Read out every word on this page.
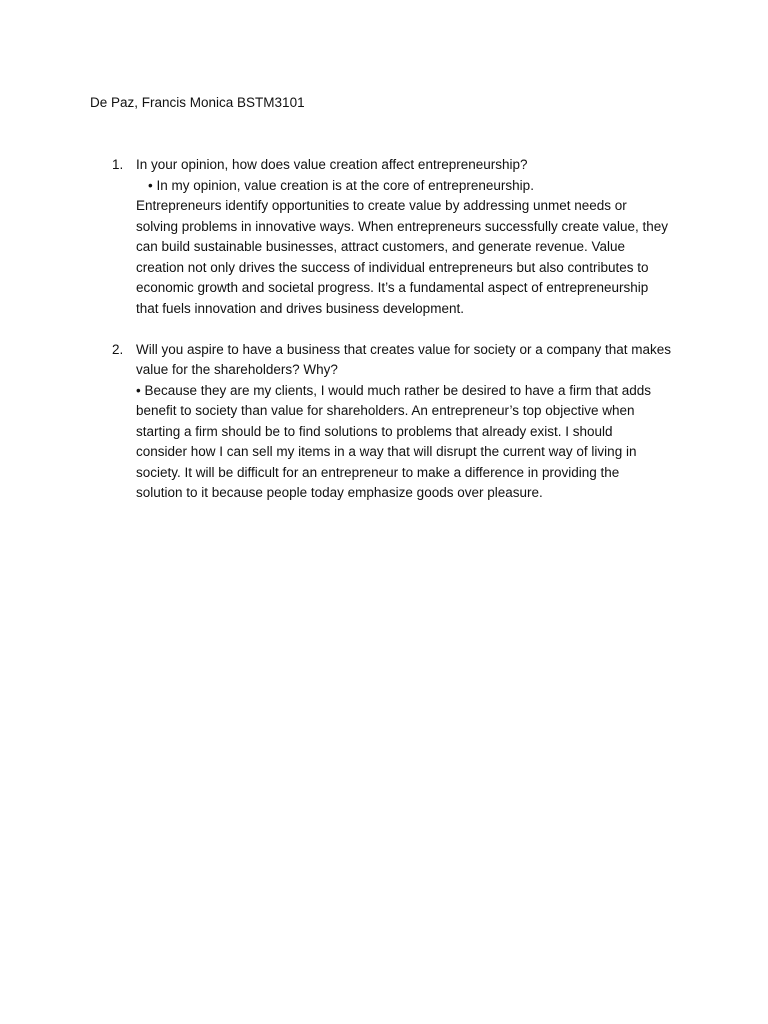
De Paz, Francis Monica BSTM3101
1. In your opinion, how does value creation affect entrepreneurship?
• In my opinion, value creation is at the core of entrepreneurship.
Entrepreneurs identify opportunities to create value by addressing unmet needs or
solving problems in innovative ways. When entrepreneurs successfully create value, they
can build sustainable businesses, attract customers, and generate revenue. Value
creation not only drives the success of individual entrepreneurs but also contributes to
economic growth and societal progress. It’s a fundamental aspect of entrepreneurship
that fuels innovation and drives business development.
2. Will you aspire to have a business that creates value for society or a company that makes
value for the shareholders? Why?
• Because they are my clients, I would much rather be desired to have a firm that adds
benefit to society than value for shareholders. An entrepreneur’s top objective when
starting a firm should be to find solutions to problems that already exist. I should
consider how I can sell my items in a way that will disrupt the current way of living in
society. It will be difficult for an entrepreneur to make a difference in providing the
solution to it because people today emphasize goods over pleasure.
